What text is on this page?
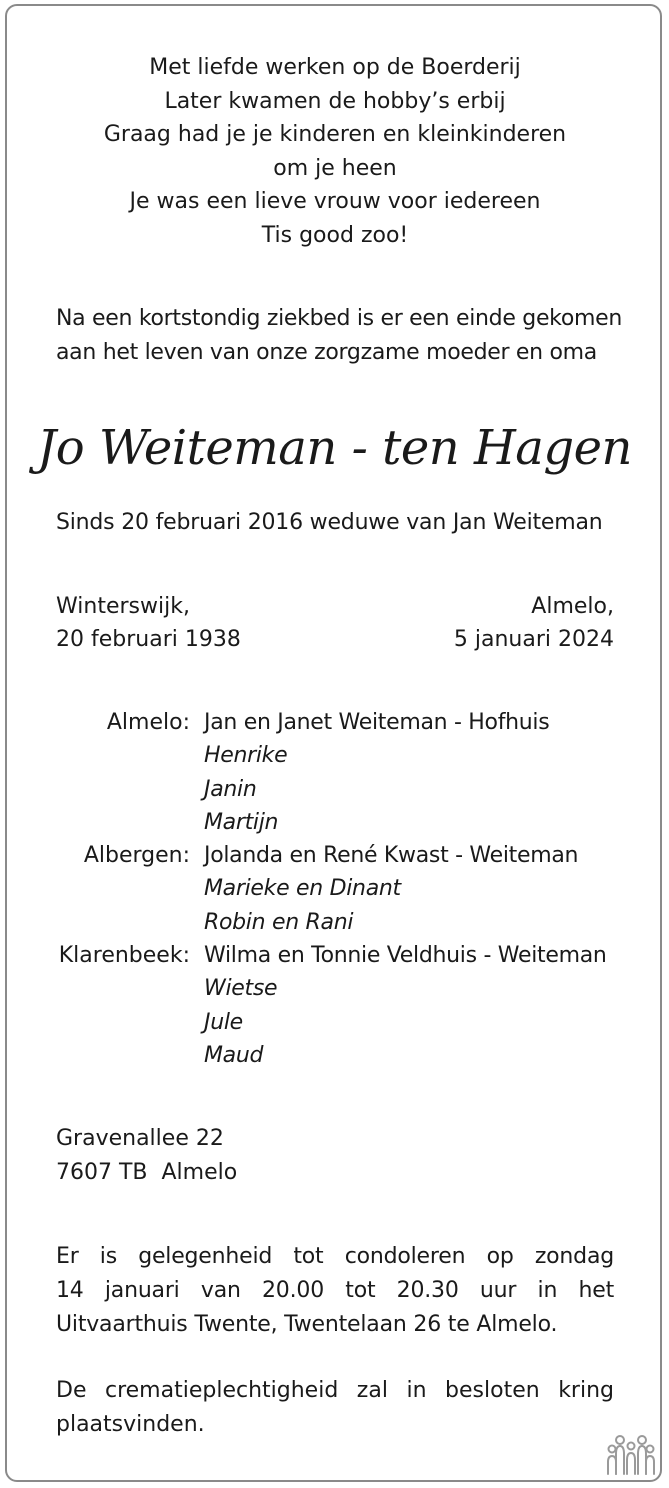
Met liefde werken op de Boerderij
Later kwamen de hobby’s erbij
Graag had je je kinderen en kleinkinderen
om je heen
Je was een lieve vrouw voor iedereen
Tis good zoo!
Na een kortstondig ziekbed is er een einde gekomen
aan het leven van onze zorgzame moeder en oma
Jo Weiteman - ten Hagen
Sinds 20 februari 2016 weduwe van Jan Weiteman
Winterswijk,
20 februari 1938
Almelo,
5 januari 2024
Almelo: Jan en Janet Weiteman - Hofhuis
Henrike
Janin
Martijn
Albergen: Jolanda en René Kwast - Weiteman
Marieke en Dinant
Robin en Rani
Klarenbeek: Wilma en Tonnie Veldhuis - Weiteman
Wietse
Jule
Maud
Gravenallee 22
7607 TB  Almelo
Er is gelegenheid tot condoleren op zondag
14 januari van 20.00 tot 20.30 uur in het
Uitvaarthuis Twente, Twentelaan 26 te Almelo.
De crematieplechtigheid zal in besloten kring
plaatsvinden.
